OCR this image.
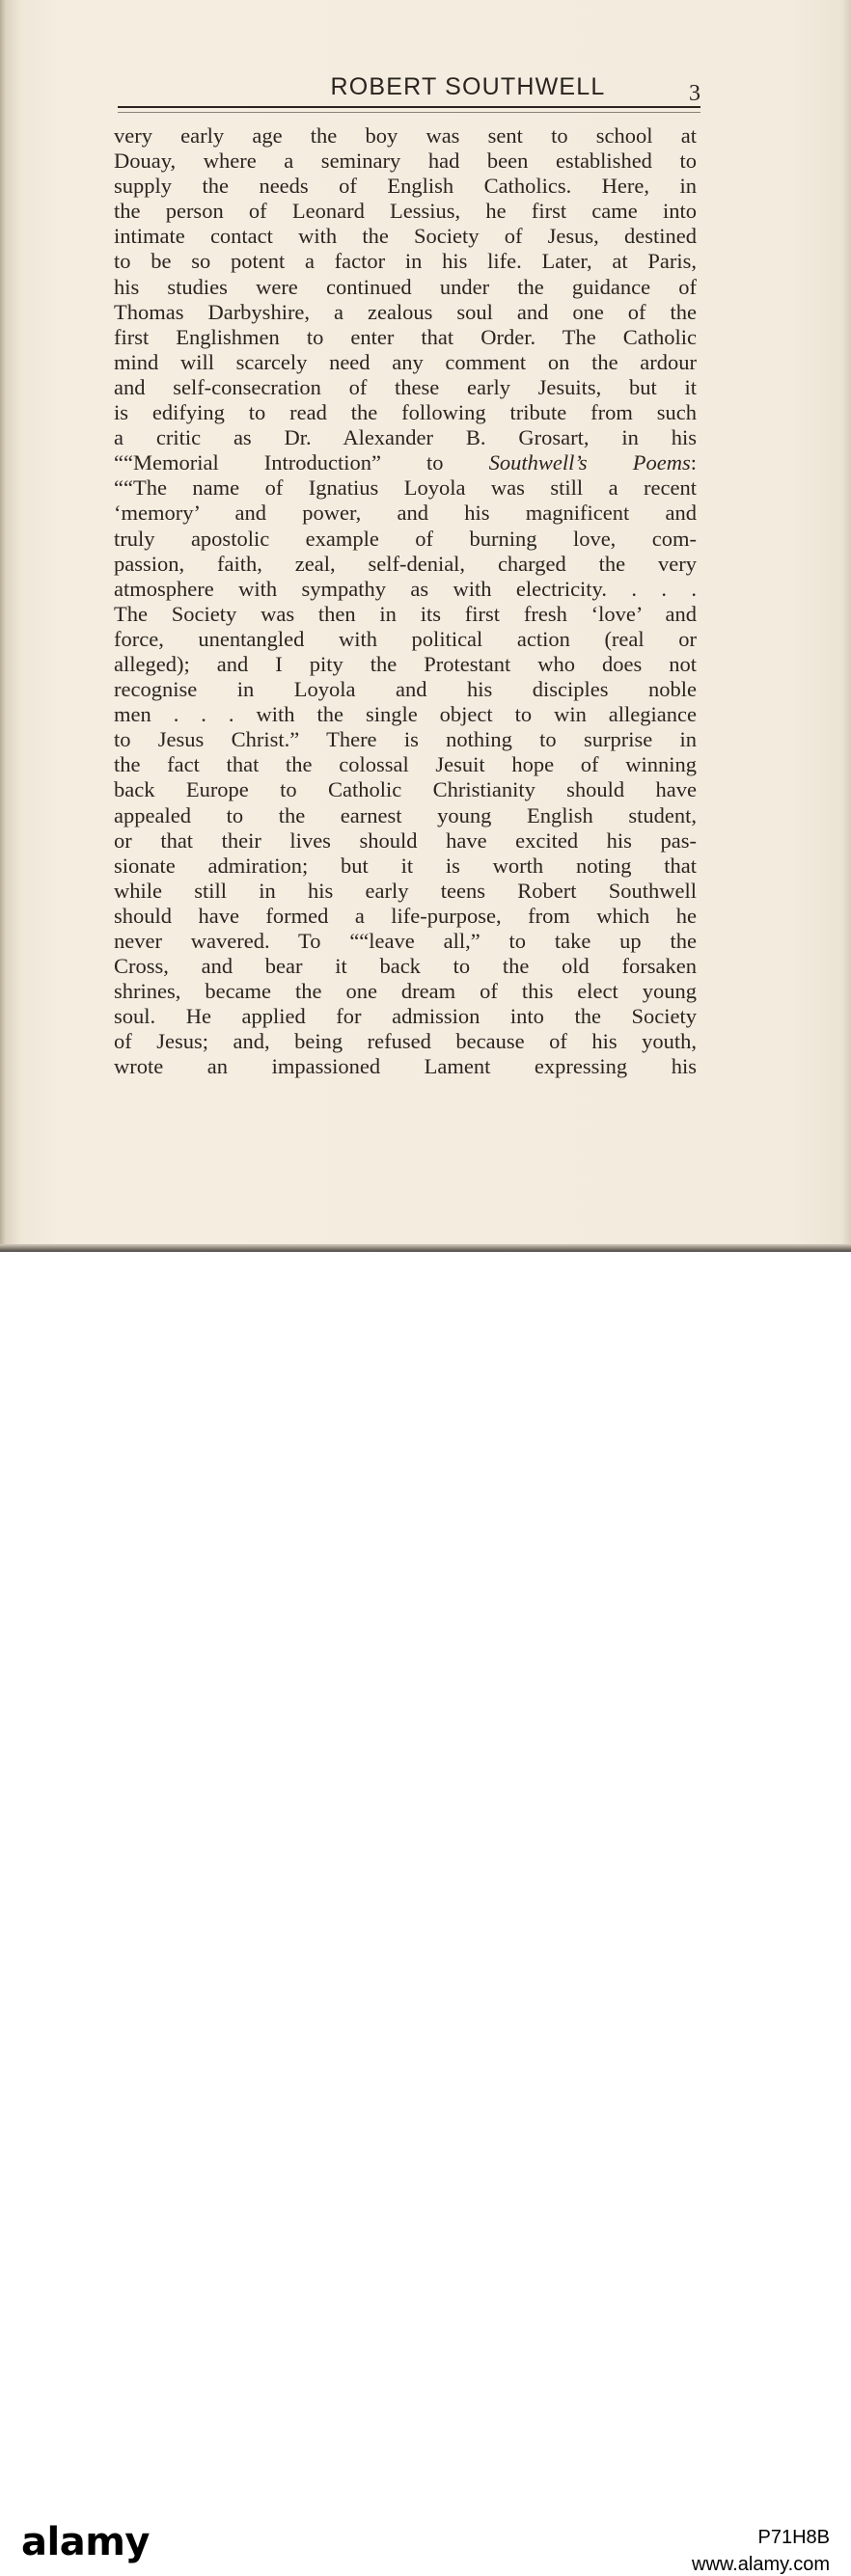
ROBERT SOUTHWELL	3
very early age the boy was sent to school at
Douay, where a seminary had been established to
supply the needs of English Catholics. Here, in
the person of Leonard Lessius, he first came into
intimate contact with the Society of Jesus, destined
to be so potent a factor in his life. Later, at Paris,
his studies were continued under the guidance of
Thomas Darbyshire, a zealous soul and one of the
first Englishmen to enter that Order. The Catholic
mind will scarcely need any comment on the ardour
and self-consecration of these early Jesuits, but it
is edifying to read the following tribute from such
a critic as Dr. Alexander B. Grosart, in his
““Memorial Introduction” to Southwell’s Poems:
““The name of Ignatius Loyola was still a recent
‘memory’ and power, and his magnificent and
truly apostolic example of burning love, com-
passion, faith, zeal, self-denial, charged the very
atmosphere with sympathy as with electricity. . . .
The Society was then in its first fresh ‘love’ and
force, unentangled with political action (real or
alleged); and I pity the Protestant who does not
recognise in Loyola and his disciples noble
men . . . with the single object to win allegiance
to Jesus Christ.” There is nothing to surprise in
the fact that the colossal Jesuit hope of winning
back Europe to Catholic Christianity should have
appealed to the earnest young English student,
or that their lives should have excited his pas-
sionate admiration; but it is worth noting that
while still in his early teens Robert Southwell
should have formed a life-purpose, from which he
never wavered. To ““leave all,” to take up the
Cross, and bear it back to the old forsaken
shrines, became the one dream of this elect young
soul. He applied for admission into the Society
of Jesus; and, being refused because of his youth,
wrote an impassioned Lament expressing his
alamy	P71H8B
www.alamy.com
